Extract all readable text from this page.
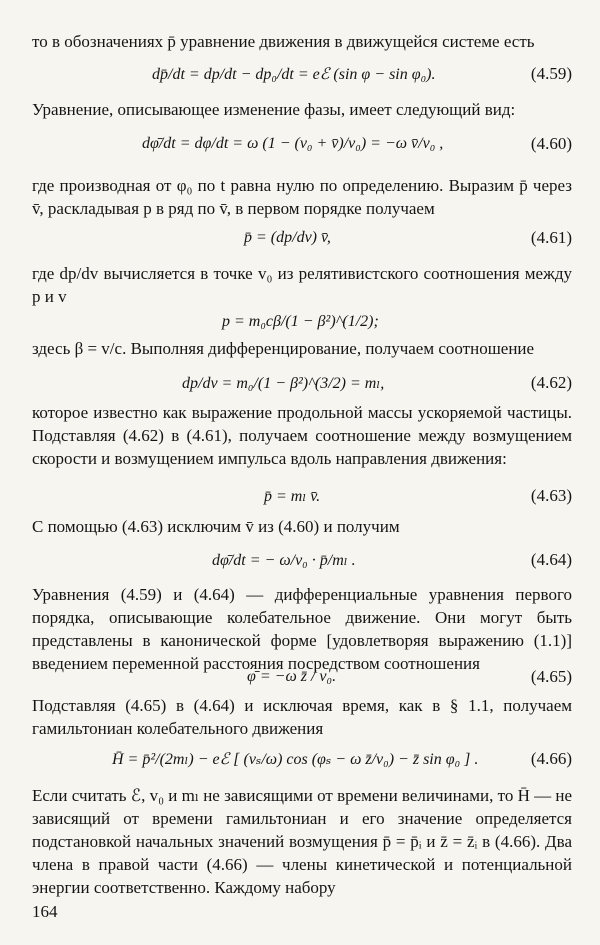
то в обозначениях p̄ уравнение движения в движущейся системе есть
dp̄/dt = dp/dt − dp₀/dt = eℰ (sin φ − sin φ₀).	(4.59)
Уравнение, описывающее изменение фазы, имеет следующий вид:
dφ̄/dt = dφ/dt = ω (1 − (v₀ + v̄)/v₀) = −ω v̄/v₀ ,	(4.60)
где производная от φ₀ по t равна нулю по определению. Выразим p̄ через v̄, раскладывая p в ряд по v̄, в первом порядке получаем
p̄ = (dp/dv) v̄,	(4.61)
где dp/dv вычисляется в точке v₀ из релятивистского соотношения между p и v
p = m₀cβ/(1 − β²)^(1/2);
здесь β = v/c. Выполняя дифференцирование, получаем соотношение
dp/dv = m₀/(1 − β²)^(3/2) = mₗ,	(4.62)
которое известно как выражение продольной массы ускоряемой частицы. Подставляя (4.62) в (4.61), получаем соотношение между возмущением скорости и возмущением импульса вдоль направления движения:
p̄ = mₗ v̄.	(4.63)
С помощью (4.63) исключим v̄ из (4.60) и получим
dφ̄/dt = − ω/v₀ · p̄/mₗ .	(4.64)
Уравнения (4.59) и (4.64) — дифференциальные уравнения первого порядка, описывающие колебательное движение. Они могут быть представлены в канонической форме [удовлетворяя выражению (1.1)] введением переменной расстояния посредством соотношения
φ̄ = −ω z̄ / v₀.	(4.65)
Подставляя (4.65) в (4.64) и исключая время, как в § 1.1, получаем гамильтониан колебательного движения
H̄ = p̄²/(2mₗ) − eℰ [ (vₛ/ω) cos (φₛ − ω z̄/v₀) − z̄ sin φ₀ ] .	(4.66)
Если считать ℰ, v₀ и mₗ не зависящими от времени величинами, то H̄ — не зависящий от времени гамильтониан и его значение определяется подстановкой начальных значений возмущения p̄ = p̄ᵢ и z̄ = z̄ᵢ в (4.66). Два члена в правой части (4.66) — члены кинетической и потенциальной энергии соответственно. Каждому набору
164
